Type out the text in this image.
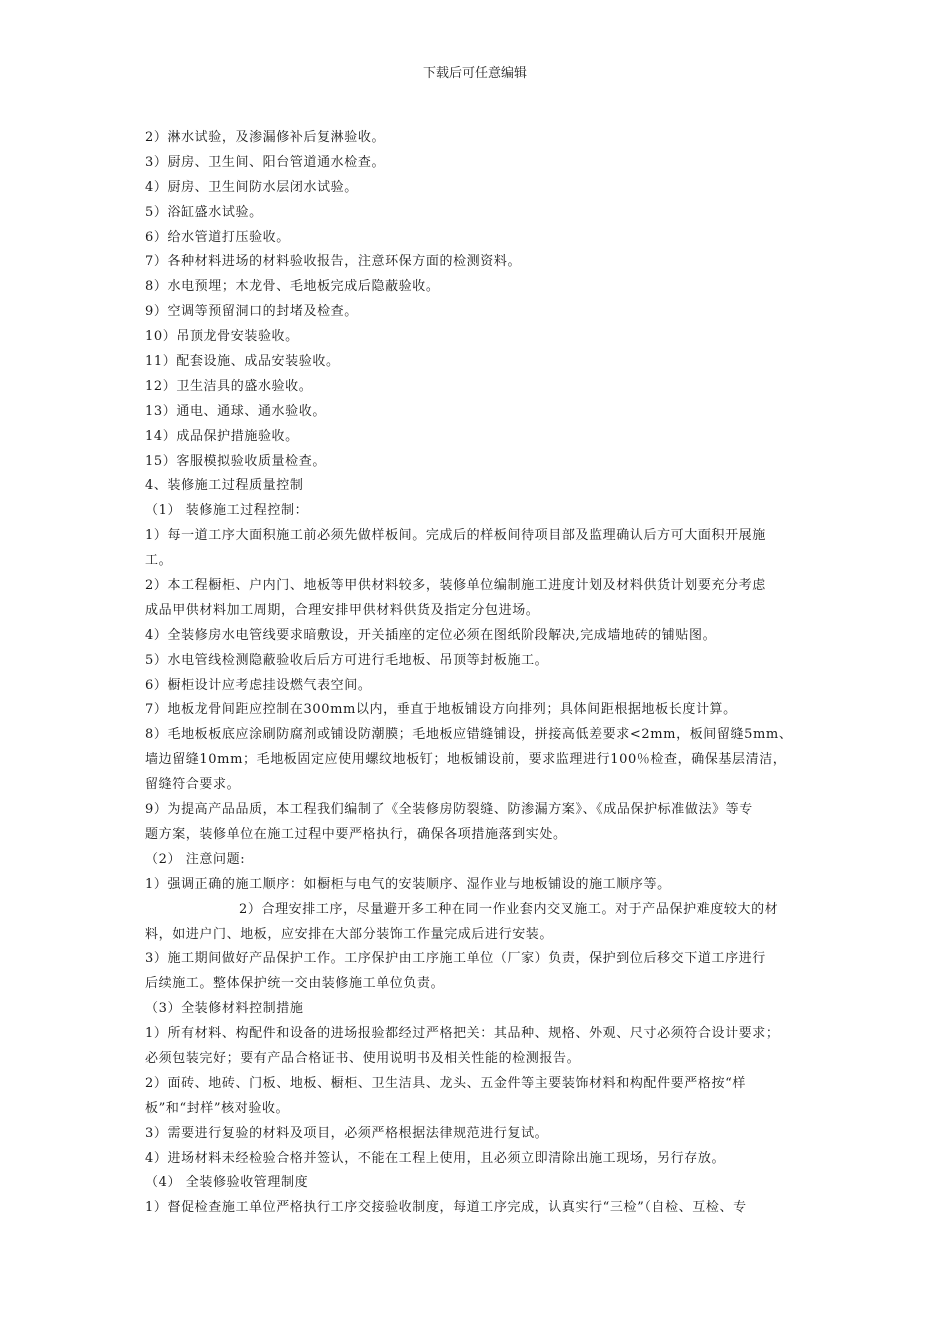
下载后可任意编辑
2）淋水试验，及渗漏修补后复淋验收。
3）厨房、卫生间、阳台管道通水检查。
4）厨房、卫生间防水层闭水试验。
5）浴缸盛水试验。
6）给水管道打压验收。
7）各种材料进场的材料验收报告，注意环保方面的检测资料。
8）水电预埋；木龙骨、毛地板完成后隐蔽验收。
9）空调等预留洞口的封堵及检查。
10）吊顶龙骨安装验收。
11）配套设施、成品安装验收。
12）卫生洁具的盛水验收。
13）通电、通球、通水验收。
14）成品保护措施验收。
15）客服模拟验收质量检查。
4、装修施工过程质量控制
（1） 装修施工过程控制：
1）每一道工序大面积施工前必须先做样板间。完成后的样板间待项目部及监理确认后方可大面积开展施
工。
2）本工程橱柜、户内门、地板等甲供材料较多，装修单位编制施工进度计划及材料供货计划要充分考虑
成品甲供材料加工周期，合理安排甲供材料供货及指定分包进场。
4）全装修房水电管线要求暗敷设，开关插座的定位必须在图纸阶段解决,完成墙地砖的铺贴图。
5）水电管线检测隐蔽验收后后方可进行毛地板、吊顶等封板施工。
6）橱柜设计应考虑挂设燃气表空间。
7）地板龙骨间距应控制在300mm以内，垂直于地板铺设方向排列；具体间距根据地板长度计算。
8）毛地板板底应涂刷防腐剂或铺设防潮膜；毛地板应错缝铺设，拼接高低差要求<2mm，板间留缝5mm、
墙边留缝10mm；毛地板固定应使用螺纹地板钉；地板铺设前，要求监理进行100％检查，确保基层清洁，
留缝符合要求。
9）为提高产品品质，本工程我们编制了《全装修房防裂缝、防渗漏方案》、《成品保护标准做法》等专
题方案，装修单位在施工过程中要严格执行，确保各项措施落到实处。
（2） 注意问题:
1）强调正确的施工顺序：如橱柜与电气的安装顺序、湿作业与地板铺设的施工顺序等。
2）合理安排工序，尽量避开多工种在同一作业套内交叉施工。对于产品保护难度较大的材
料，如进户门、地板，应安排在大部分装饰工作量完成后进行安装。
3）施工期间做好产品保护工作。工序保护由工序施工单位（厂家）负责，保护到位后移交下道工序进行
后续施工。整体保护统一交由装修施工单位负责。
（3）全装修材料控制措施
1）所有材料、构配件和设备的进场报验都经过严格把关：其品种、规格、外观、尺寸必须符合设计要求；
必须包装完好；要有产品合格证书、使用说明书及相关性能的检测报告。
2）面砖、地砖、门板、地板、橱柜、卫生洁具、龙头、五金件等主要装饰材料和构配件要严格按“样
板”和“封样”核对验收。
3）需要进行复验的材料及项目，必须严格根据法律规范进行复试。
4）进场材料未经检验合格并签认，不能在工程上使用，且必须立即清除出施工现场，另行存放。
（4） 全装修验收管理制度
1）督促检查施工单位严格执行工序交接验收制度，每道工序完成，认真实行“三检”（自检、互检、专
